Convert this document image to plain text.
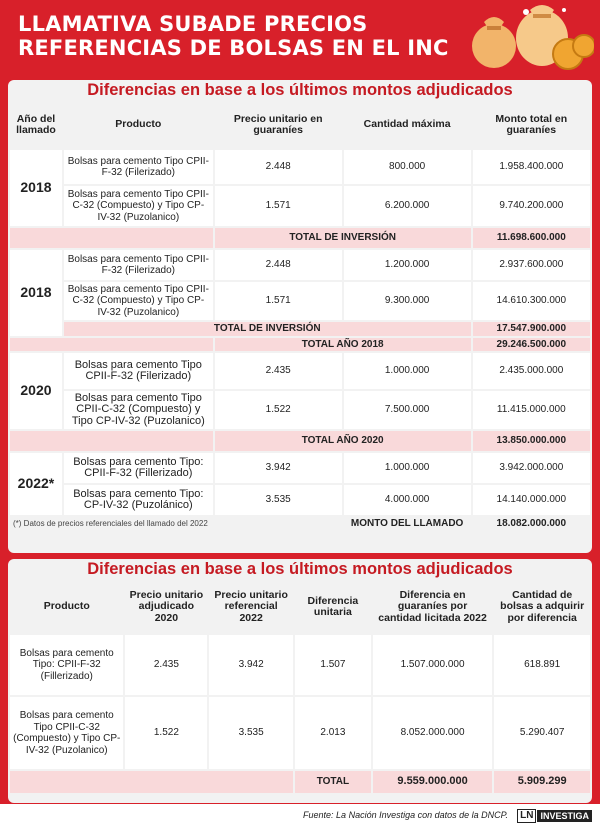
LLAMATIVA SUBADE PRECIOS
REFERENCIAS DE BOLSAS EN EL INC
Diferencias en base a los últimos montos adjudicados
Año del llamado	Producto	Precio unitario en guaraníes	Cantidad máxima	Monto total en guaraníes
2018	Bolsas para cemento Tipo CPII-F-32 (Filerizado)	2.448	800.000	1.958.400.000
	Bolsas para cemento Tipo CPII-C-32 (Compuesto) y Tipo CP-IV-32 (Puzolanico)	1.571	6.200.000	9.740.200.000
		TOTAL DE INVERSIÓN		11.698.600.000
2018	Bolsas para cemento Tipo CPII-F-32 (Filerizado)	2.448	1.200.000	2.937.600.000
	Bolsas para cemento Tipo CPII-C-32 (Compuesto) y Tipo CP-IV-32 (Puzolanico)	1.571	9.300.000	14.610.300.000
	TOTAL DE INVERSIÓN			17.547.900.000
		TOTAL AÑO 2018		29.246.500.000
2020	Bolsas para cemento Tipo CPII-F-32 (Filerizado)	2.435	1.000.000	2.435.000.000
	Bolsas para cemento Tipo CPII-C-32 (Compuesto) y Tipo CP-IV-32 (Puzolanico)	1.522	7.500.000	11.415.000.000
		TOTAL AÑO 2020		13.850.000.000
2022*	Bolsas para cemento Tipo: CPII-F-32 (Fillerizado)	3.942	1.000.000	3.942.000.000
	Bolsas para cemento Tipo: CP-IV-32 (Puzolánico)	3.535	4.000.000	14.140.000.000
(*) Datos de precios referenciales del llamado del 2022			MONTO DEL LLAMADO	18.082.000.000
Diferencias en base a los últimos montos adjudicados
Producto	Precio unitario adjudicado 2020	Precio unitario referencial 2022	Diferencia unitaria	Diferencia en guaraníes por cantidad licitada 2022	Cantidad de bolsas a adquirir por diferencia
Bolsas para cemento Tipo: CPII-F-32 (Fillerizado)	2.435	3.942	1.507	1.507.000.000	618.891
Bolsas para cemento Tipo CPII-C-32 (Compuesto) y Tipo CP-IV-32 (Puzolanico)	1.522	3.535	2.013	8.052.000.000	5.290.407
			TOTAL	9.559.000.000	5.909.299
Fuente: La Nación Investiga con datos de la DNCP.	LN INVESTIGA
